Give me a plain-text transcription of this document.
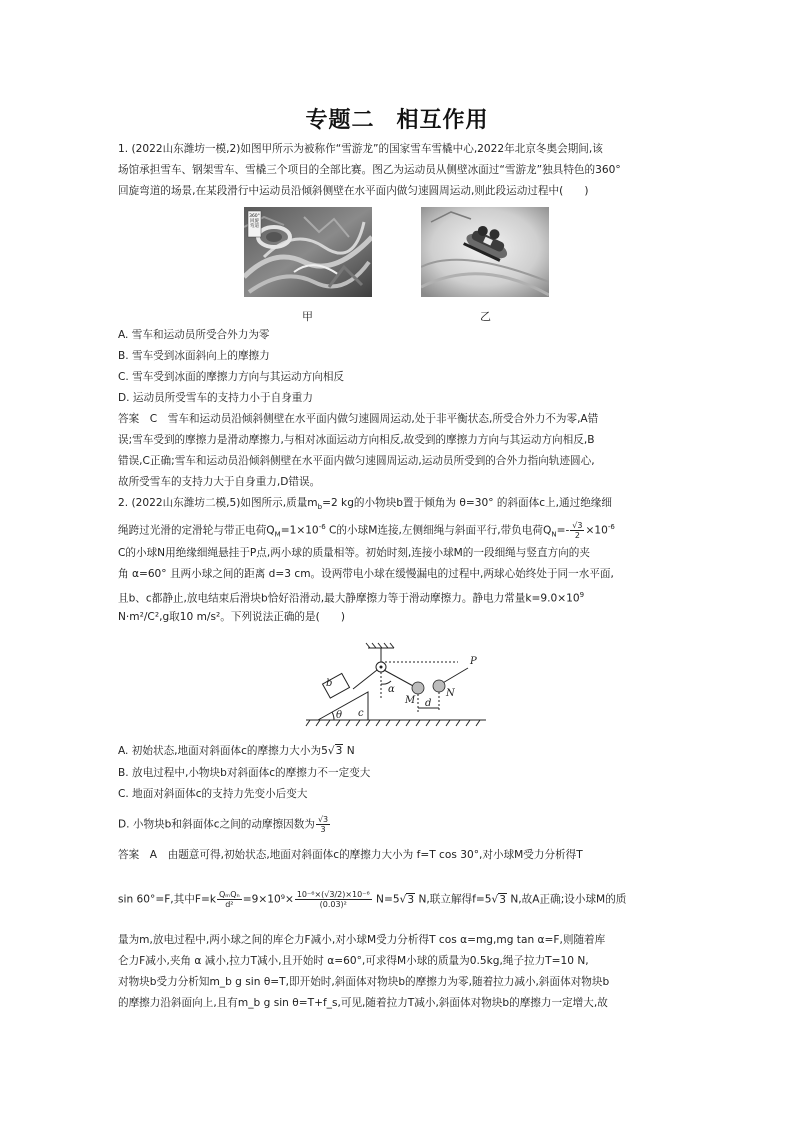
专题二 相互作用
1. (2022山东潍坊一模,2)如图甲所示为被称作“雪游龙”的国家雪车雪橇中心,2022年北京冬奥会期间,该
场馆承担雪车、钢架雪车、雪橇三个项目的全部比赛。图乙为运动员从侧壁冰面过“雪游龙”独具特色的360°
回旋弯道的场景,在某段滑行中运动员沿倾斜侧壁在水平面内做匀速圆周运动,则此段运动过程中(　　)
360°回旋弯道
甲	乙
A. 雪车和运动员所受合外力为零
B. 雪车受到冰面斜向上的摩擦力
C. 雪车受到冰面的摩擦力方向与其运动方向相反
D. 运动员所受雪车的支持力小于自身重力
答案　C　雪车和运动员沿倾斜侧壁在水平面内做匀速圆周运动,处于非平衡状态,所受合外力不为零,A错
误;雪车受到的摩擦力是滑动摩擦力,与相对冰面运动方向相反,故受到的摩擦力方向与其运动方向相反,B
错误,C正确;雪车和运动员沿倾斜侧壁在水平面内做匀速圆周运动,运动员所受到的合外力指向轨迹圆心,
故所受雪车的支持力大于自身重力,D错误。
2. (2022山东潍坊二模,5)如图所示,质量$m_b=2$ kg的小物块b置于倾角为 θ=30° 的斜面体c上,通过绝缘细
绳跨过光滑的定滑轮与带正电荷$Q_M=1\times 10^{-6}$ C的小球M连接,左侧细绳与斜面平行,带负电荷$Q_N=- \frac{√3}{2} \times 10^{-6}$
C的小球N用绝缘细绳悬挂于P点,两小球的质量相等。初始时刻,连接小球M的一段细绳与竖直方向的夹
角 α=60° 且两小球之间的距离 d=3 cm。设两带电小球在缓慢漏电的过程中,两球心始终处于同一水平面,
且b、c都静止,放电结束后滑块b恰好沿滑动,最大静摩擦力等于滑动摩擦力。静电力常量$k=9.0\times 10^9$
N·m²/C²,g取10 m/s²。下列说法正确的是(　　)
P
b
α
M
N
d
c
θ
A. 初始状态,地面对斜面体c的摩擦力大小为5√3 N
B. 放电过程中,小物块b对斜面体c的摩擦力不一定变大
C. 地面对斜面体c的支持力先变小后变大
D. 小物块b和斜面体c之间的动摩擦因数为 $\frac{√3}{3}$
答案　A　由题意可得,初始状态,地面对斜面体c的摩擦力大小为 f=T cos 30°,对小球M受力分析得T
sin 60°=F,其中$F=k \frac{\text{QₘQₙ}}{\text{d²}} =9\times 10^9\times \frac{\text{10⁻⁶×(√3/2)×10⁻⁶}}{\text{(0.03)²}} N=5√3$ N,联立解得f=5√3 N,故A正确;设小球M的质
量为m,放电过程中,两小球之间的库仑力F减小,对小球M受力分析得T cos α=mg,mg tan α=F,则随着库
仑力F减小,夹角 α 减小,拉力T减小,且开始时 α=60°,可求得M小球的质量为0.5kg,绳子拉力T=10 N,
对物块b受力分析知m_b g sin θ=T,即开始时,斜面体对物块b的摩擦力为零,随着拉力减小,斜面体对物块b
的摩擦力沿斜面向上,且有m_b g sin θ=T+f_s,可见,随着拉力T减小,斜面体对物块b的摩擦力一定增大,故
